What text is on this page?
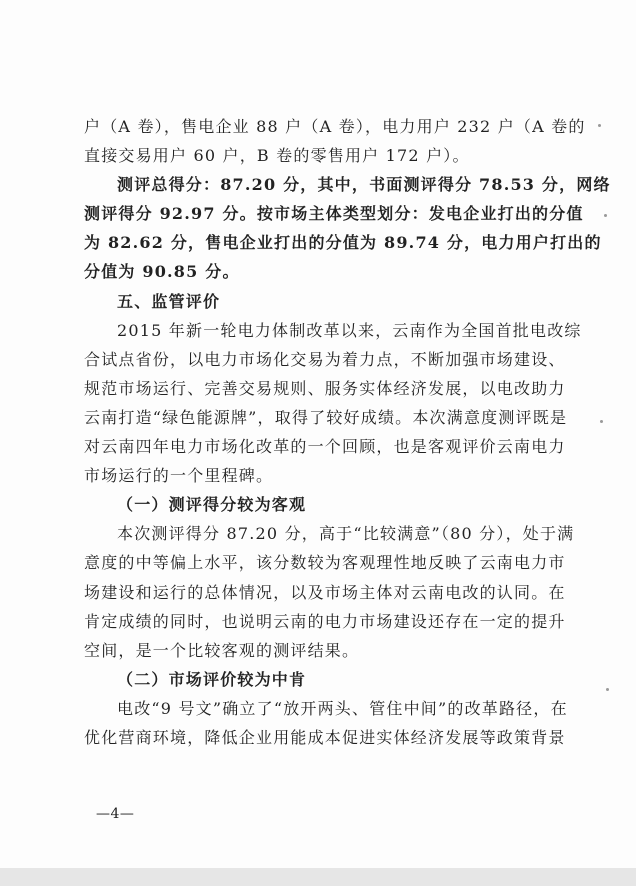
户（A 卷），售电企业 88 户（A 卷），电力用户 232 户（A 卷的
直接交易用户 60 户，B 卷的零售用户 172 户）。
测评总得分：87.20 分，其中，书面测评得分 78.53 分，网络
测评得分 92.97 分。按市场主体类型划分：发电企业打出的分值
为 82.62 分，售电企业打出的分值为 89.74 分，电力用户打出的
分值为 90.85 分。
五、监管评价
2015 年新一轮电力体制改革以来，云南作为全国首批电改综
合试点省份，以电力市场化交易为着力点，不断加强市场建设、
规范市场运行、完善交易规则、服务实体经济发展，以电改助力
云南打造“绿色能源牌”，取得了较好成绩。本次满意度测评既是
对云南四年电力市场化改革的一个回顾，也是客观评价云南电力
市场运行的一个里程碑。
（一）测评得分较为客观
本次测评得分 87.20 分，高于“比较满意”（80 分），处于满
意度的中等偏上水平，该分数较为客观理性地反映了云南电力市
场建设和运行的总体情况，以及市场主体对云南电改的认同。在
肯定成绩的同时，也说明云南的电力市场建设还存在一定的提升
空间，是一个比较客观的测评结果。
（二）市场评价较为中肯
电改“9 号文”确立了“放开两头、管住中间”的改革路径，在
优化营商环境，降低企业用能成本促进实体经济发展等政策背景
—4—
